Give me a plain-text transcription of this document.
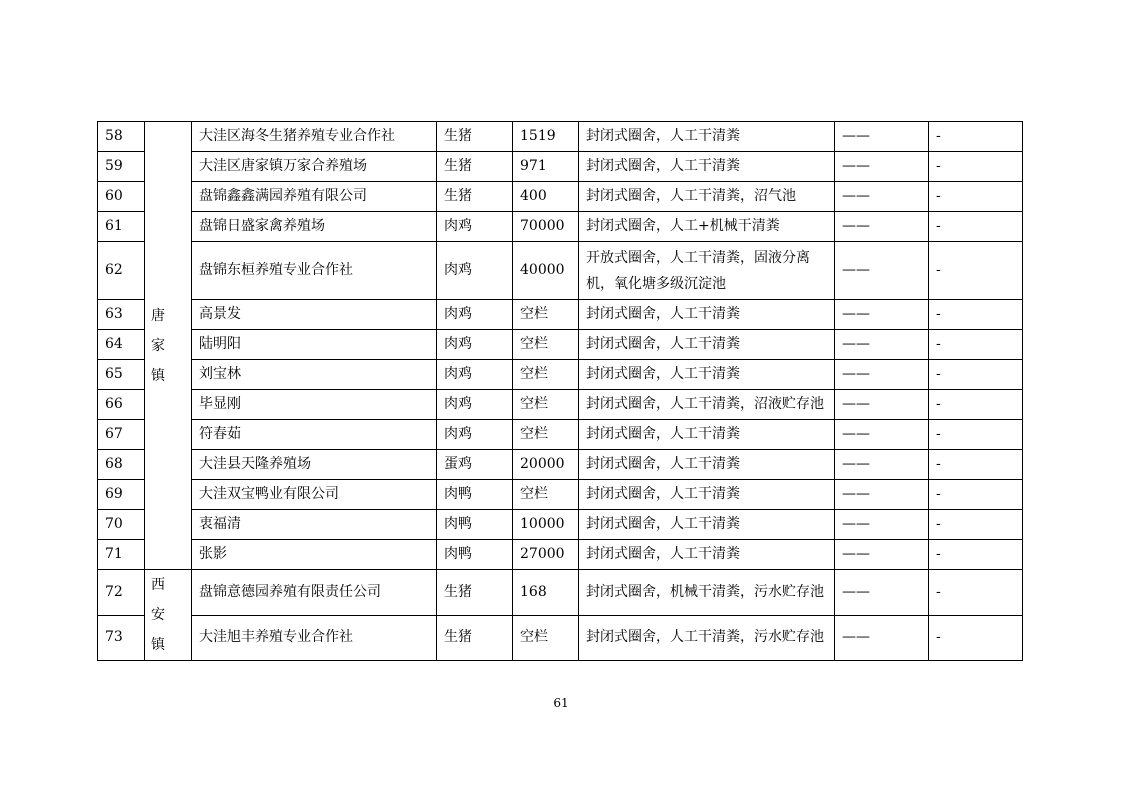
58	唐家镇	大洼区海冬生猪养殖专业合作社	生猪	1519	封闭式圈舍，人工干清粪	——	-
59		大洼区唐家镇万家合养殖场	生猪	971	封闭式圈舍，人工干清粪	——	-
60		盘锦鑫鑫满园养殖有限公司	生猪	400	封闭式圈舍，人工干清粪，沼气池	——	-
61		盘锦日盛家禽养殖场	肉鸡	70000	封闭式圈舍，人工+机械干清粪	——	-
62		盘锦东桓养殖专业合作社	肉鸡	40000	开放式圈舍，人工干清粪，固液分离机，氧化塘多级沉淀池	——	-
63		高景发	肉鸡	空栏	封闭式圈舍，人工干清粪	——	-
64		陆明阳	肉鸡	空栏	封闭式圈舍，人工干清粪	——	-
65		刘宝林	肉鸡	空栏	封闭式圈舍，人工干清粪	——	-
66		毕显刚	肉鸡	空栏	封闭式圈舍，人工干清粪，沼液贮存池	——	-
67		符春茹	肉鸡	空栏	封闭式圈舍，人工干清粪	——	-
68		大洼县天隆养殖场	蛋鸡	20000	封闭式圈舍，人工干清粪	——	-
69		大洼双宝鸭业有限公司	肉鸭	空栏	封闭式圈舍，人工干清粪	——	-
70		衷福清	肉鸭	10000	封闭式圈舍，人工干清粪	——	-
71		张影	肉鸭	27000	封闭式圈舍，人工干清粪	——	-
72	西安镇	盘锦意德园养殖有限责任公司	生猪	168	封闭式圈舍，机械干清粪，污水贮存池	——	-
73		大洼旭丰养殖专业合作社	生猪	空栏	封闭式圈舍，人工干清粪，污水贮存池	——	-
61
